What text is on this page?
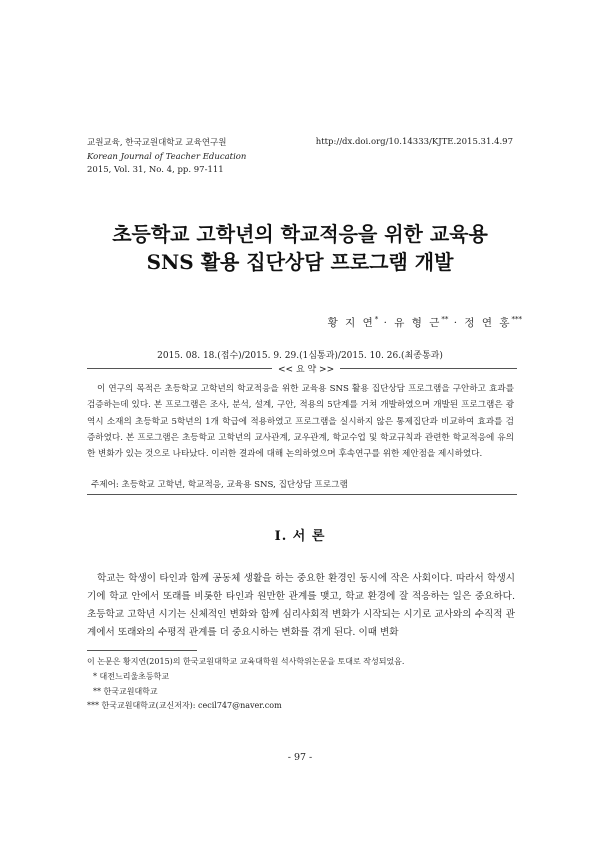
교원교육, 한국교원대학교 교육연구원
Korean Journal of Teacher Education
2015, Vol. 31, No. 4, pp. 97-111
http://dx.doi.org/10.14333/KJTE.2015.31.4.97
초등학교 고학년의 학교적응을 위한 교육용
SNS 활용 집단상담 프로그램 개발
황 지 연* · 유 형 근** · 정 연 홍***
2015. 08. 18.(접수)/2015. 9. 29.(1심통과)/2015. 10. 26.(최종통과)
<< 요 약 >>
이 연구의 목적은 초등학교 고학년의 학교적응을 위한 교육용 SNS 활용 집단상담 프로그램을 구안하고 효과를 검증하는데 있다. 본 프로그램은 조사, 분석, 설계, 구안, 적용의 5단계를 거쳐 개발하였으며 개발된 프로그램은 광역시 소재의 초등학교 5학년의 1개 학급에 적용하였고 프로그램을 실시하지 않은 통제집단과 비교하여 효과를 검증하였다. 본 프로그램은 초등학교 고학년의 교사관계, 교우관계, 학교수업 및 학교규칙과 관련한 학교적응에 유의한 변화가 있는 것으로 나타났다. 이러한 결과에 대해 논의하였으며 후속연구를 위한 제안점을 제시하였다.
주제어: 초등학교 고학년, 학교적응, 교육용 SNS, 집단상담 프로그램
Ⅰ. 서 론
학교는 학생이 타인과 함께 공동체 생활을 하는 중요한 환경인 동시에 작은 사회이다. 따라서 학생시기에 학교 안에서 또래를 비롯한 타인과 원만한 관계를 맺고, 학교 환경에 잘 적응하는 일은 중요하다. 초등학교 고학년 시기는 신체적인 변화와 함께 심리사회적 변화가 시작되는 시기로 교사와의 수직적 관계에서 또래와의 수평적 관계를 더 중요시하는 변화를 겪게 된다. 이때 변화
이 논문은 황지연(2015)의 한국교원대학교 교육대학원 석사학위논문을 토대로 작성되었음.
* 대전느리울초등학교
** 한국교원대학교
*** 한국교원대학교(교신저자): cecil747@naver.com
- 97 -
